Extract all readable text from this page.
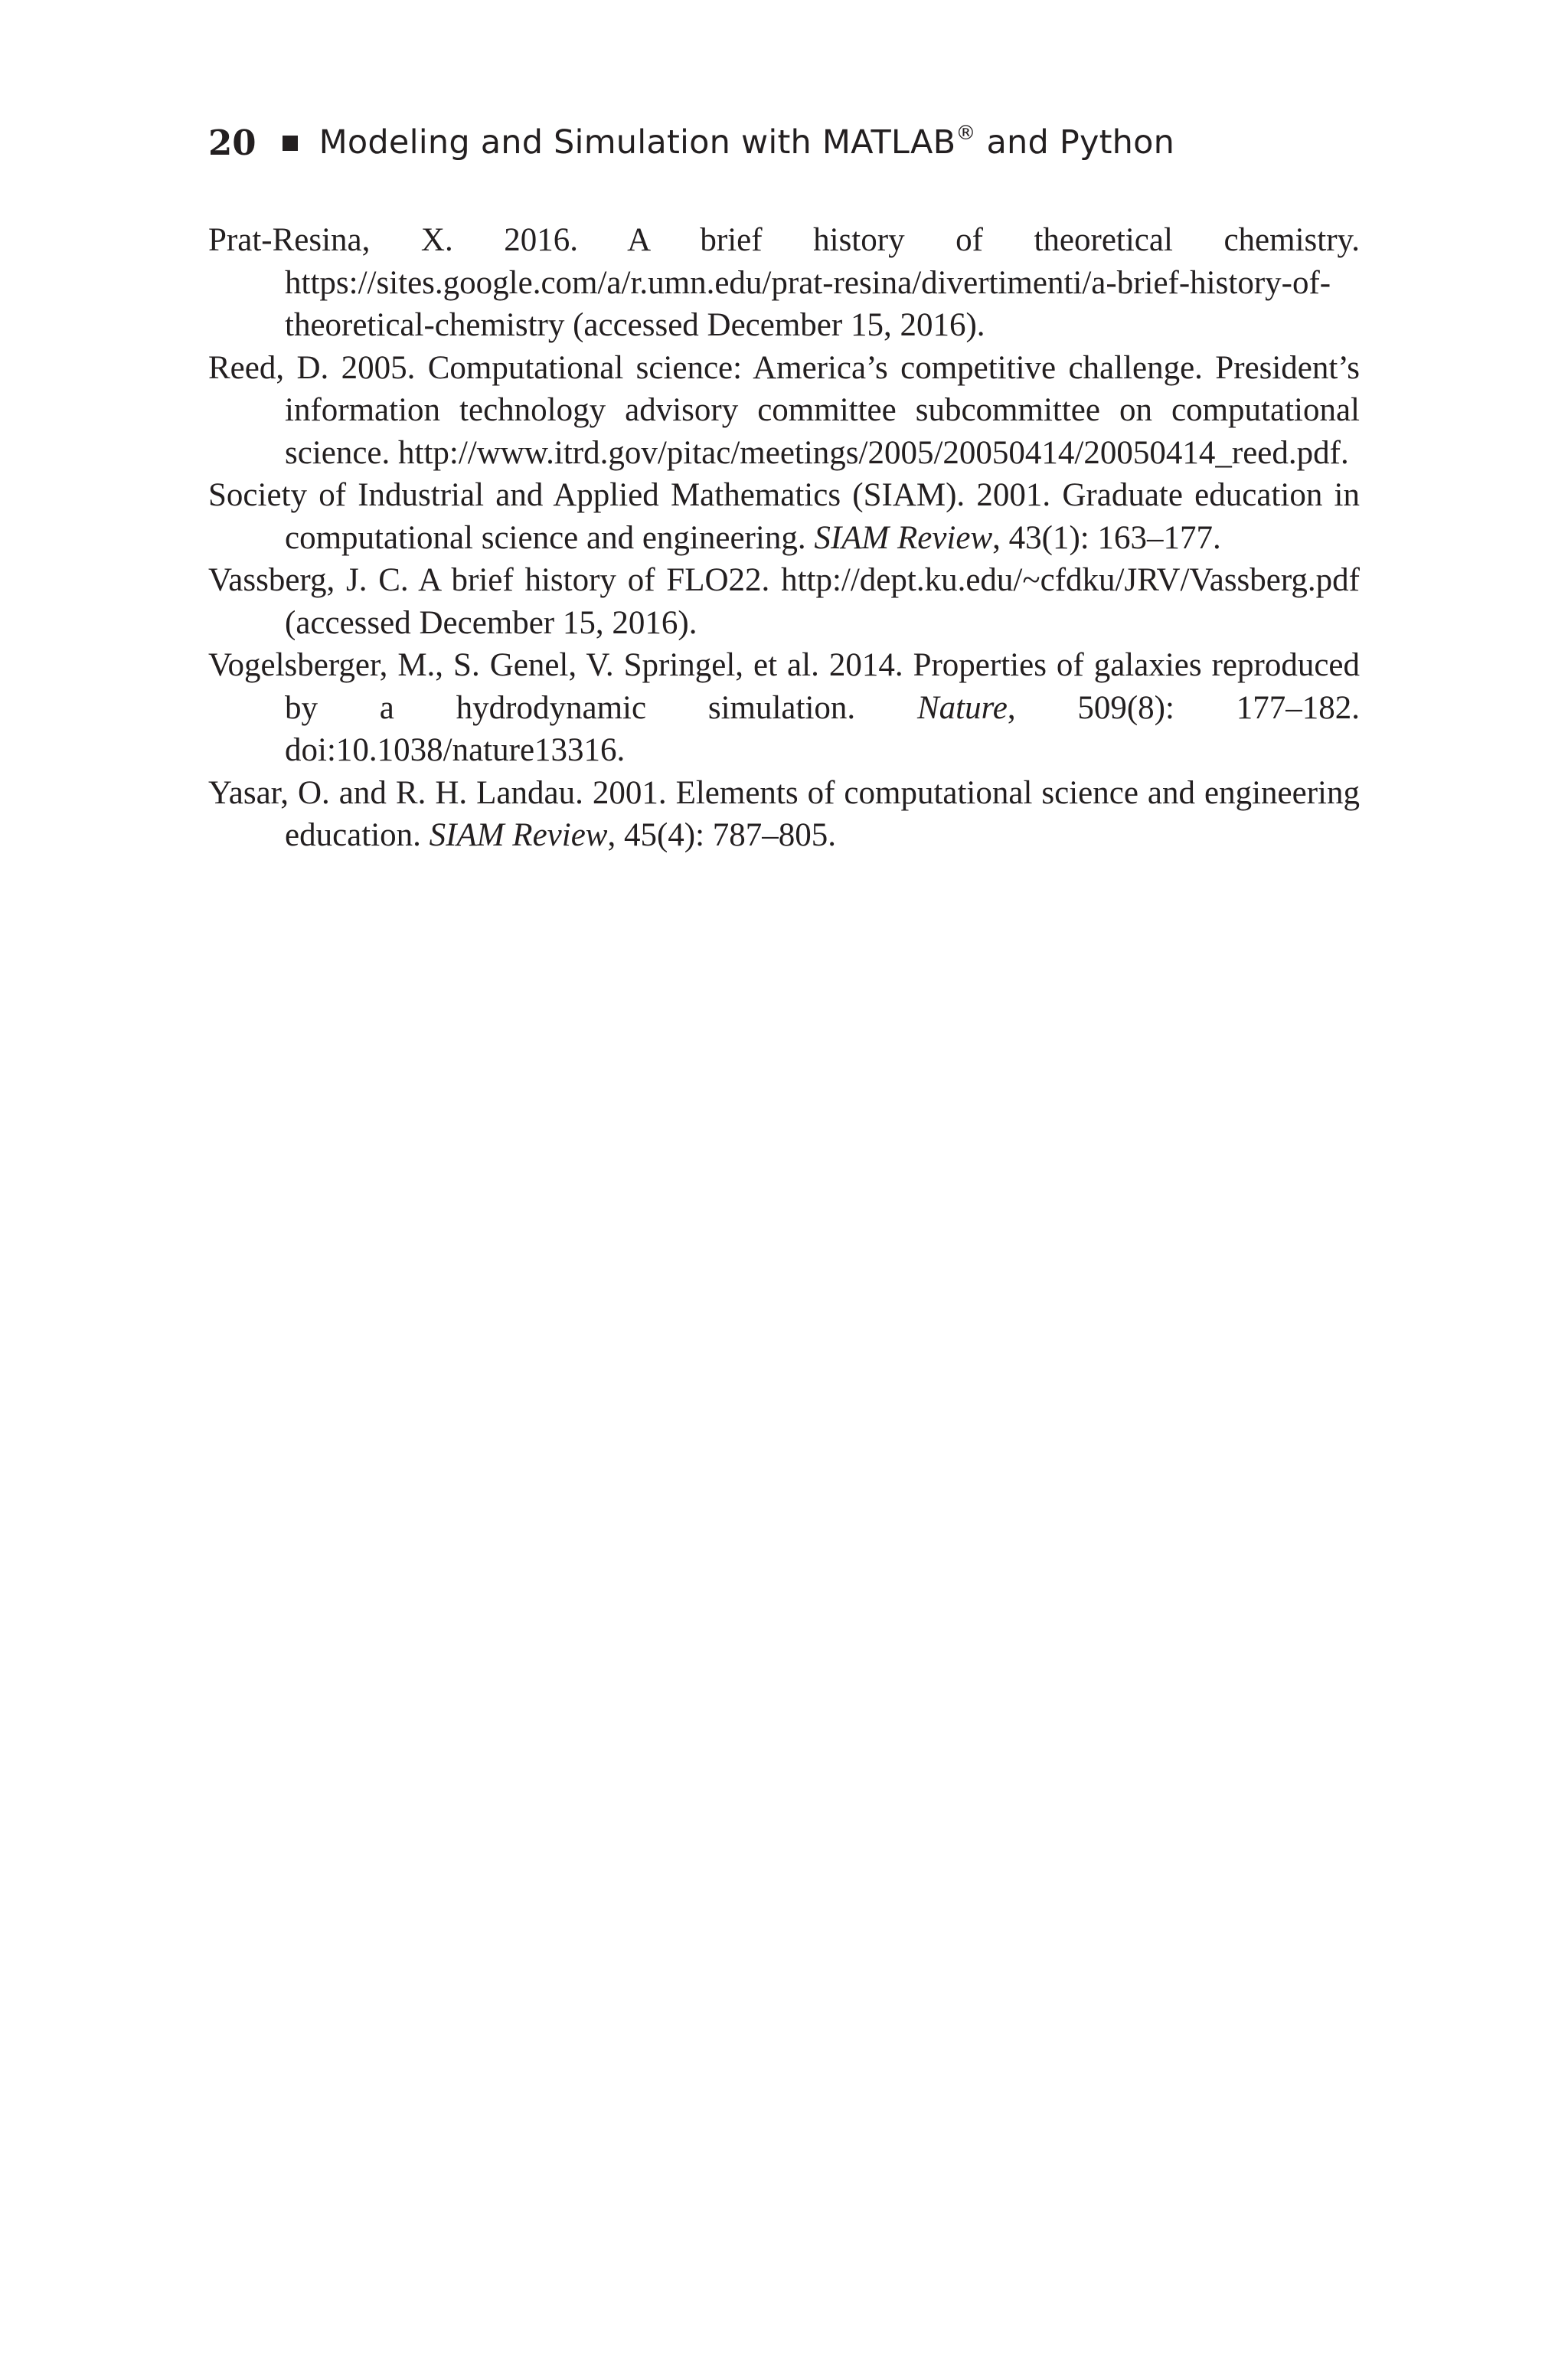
20 Modeling and Simulation with MATLAB® and Python

Prat-Resina, X. 2016. A brief history of theoretical chemistry. https://sites.google.com/a/r.umn.edu/prat-resina/divertimenti/a-brief-history-of-theoretical-chemistry (accessed December 15, 2016).

Reed, D. 2005. Computational science: America’s competitive challenge. President’s information technology advisory committee subcommittee on computational science. http://www.itrd.gov/pitac/meetings/2005/20050414/20050414_reed.pdf.

Society of Industrial and Applied Mathematics (SIAM). 2001. Graduate education in computational science and engineering. SIAM Review, 43(1): 163–177.

Vassberg, J. C. A brief history of FLO22. http://dept.ku.edu/~cfdku/JRV/Vassberg.pdf (accessed December 15, 2016).

Vogelsberger, M., S. Genel, V. Springel, et al. 2014. Properties of galaxies reproduced by a hydrodynamic simulation. Nature, 509(8): 177–182. doi:10.1038/nature13316.

Yasar, O. and R. H. Landau. 2001. Elements of computational science and engineering education. SIAM Review, 45(4): 787–805.
